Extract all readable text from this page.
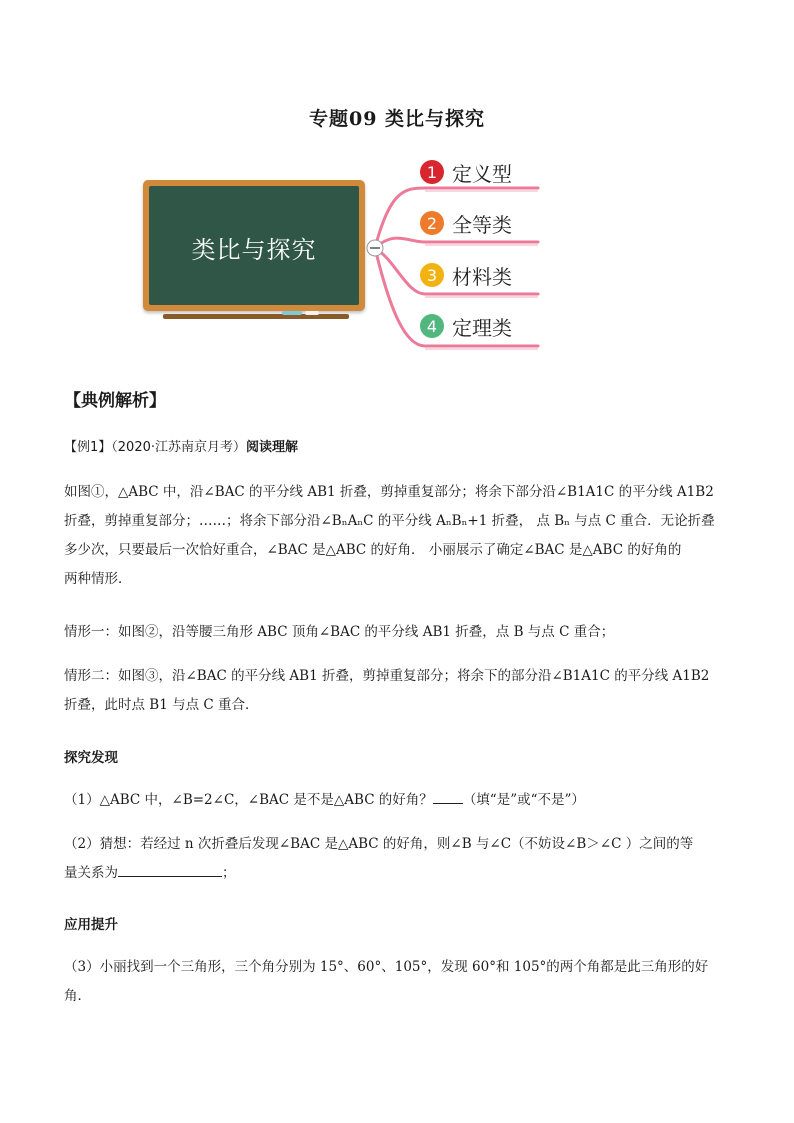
专题09 类比与探究
类比与探究
1 定义型
2 全等类
3 材料类
4 定理类
【典例解析】
【例1】（2020·江苏南京月考）阅读理解
如图①，△ABC 中，沿∠BAC 的平分线 AB1 折叠，剪掉重复部分；将余下部分沿∠B1A1C 的平分线 A1B2
折叠，剪掉重复部分；……；将余下部分沿∠BₙAₙC 的平分线 AₙBₙ+1 折叠， 点 Bₙ 与点 C 重合．无论折叠
多少次，只要最后一次恰好重合，∠BAC 是△ABC 的好角． 小丽展示了确定∠BAC 是△ABC 的好角的
两种情形．
情形一：如图②，沿等腰三角形 ABC 顶角∠BAC 的平分线 AB1 折叠，点 B 与点 C 重合；
情形二：如图③，沿∠BAC 的平分线 AB1 折叠，剪掉重复部分；将余下的部分沿∠B1A1C 的平分线 A1B2
折叠，此时点 B1 与点 C 重合．
探究发现
（1）△ABC 中，∠B=2∠C，∠BAC 是不是△ABC 的好角？ （填“是”或“不是”）
（2）猜想：若经过 n 次折叠后发现∠BAC 是△ABC 的好角，则∠B 与∠C（不妨设∠B＞∠C ）之间的等
量关系为	；
应用提升
（3）小丽找到一个三角形，三个角分别为 15°、60°、105°，发现 60°和 105°的两个角都是此三角形的好
角．
